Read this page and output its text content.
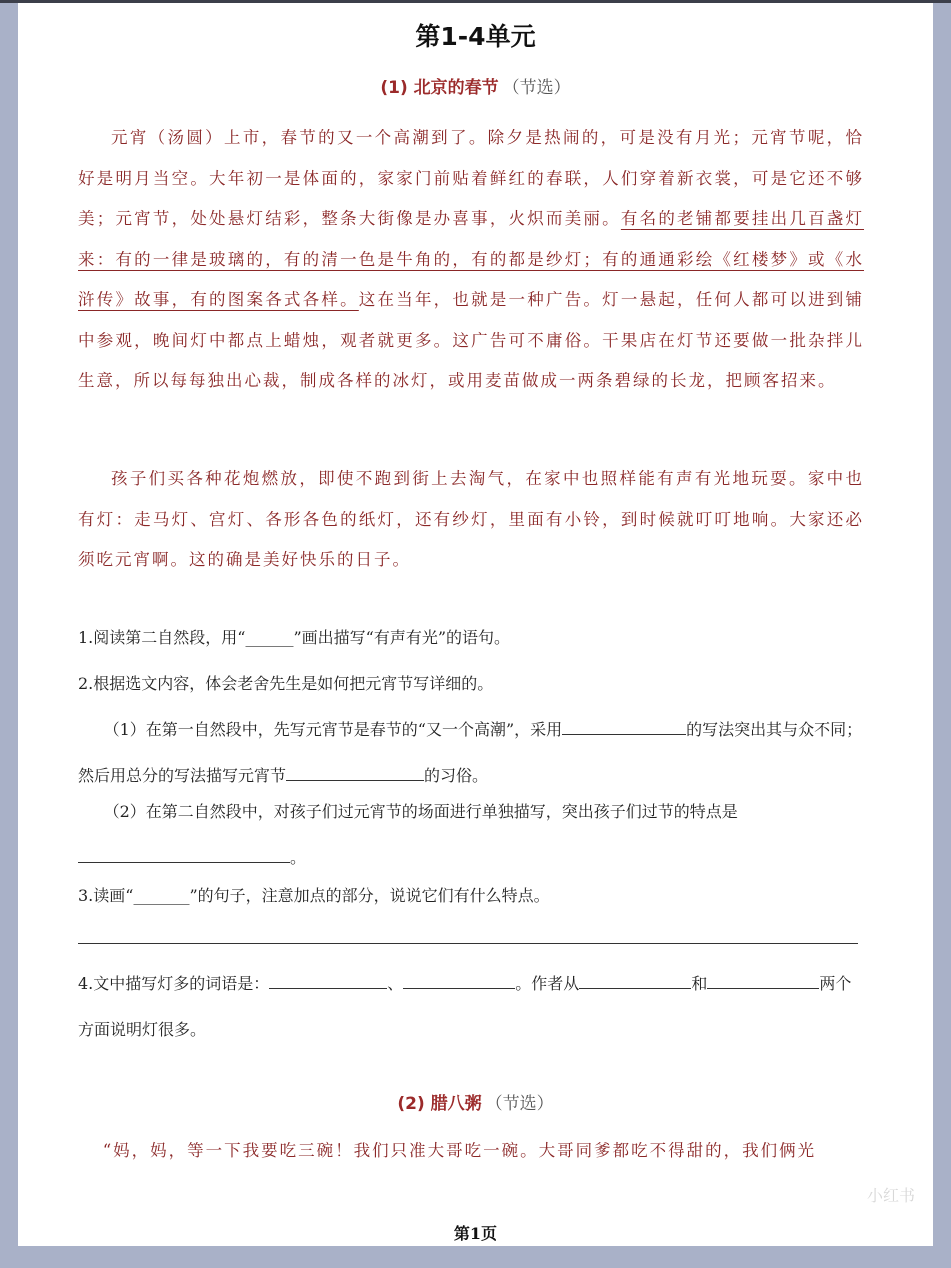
第1-4单元
(1) 北京的春节 （节选）

元宵（汤圆）上市，春节的又一个高潮到了。除夕是热闹的，可是没有月光；元宵节呢，恰好是明月当空。大年初一是体面的，家家门前贴着鲜红的春联，人们穿着新衣裳，可是它还不够美；元宵节，处处悬灯结彩，整条大街像是办喜事，火炽而美丽。有名的老铺都要挂出几百盏灯来：有的一律是玻璃的，有的清一色是牛角的，有的都是纱灯；有的通通彩绘《红楼梦》或《水浒传》故事，有的图案各式各样。这在当年，也就是一种广告。灯一悬起，任何人都可以进到铺中参观，晚间灯中都点上蜡烛，观者就更多。这广告可不庸俗。干果店在灯节还要做一批杂拌儿生意，所以每每独出心裁，制成各样的冰灯，或用麦苗做成一两条碧绿的长龙，把顾客招来。

孩子们买各种花炮燃放，即使不跑到街上去淘气，在家中也照样能有声有光地玩耍。家中也有灯：走马灯、宫灯、各形各色的纸灯，还有纱灯，里面有小铃，到时候就叮叮地响。大家还必须吃元宵啊。这的确是美好快乐的日子。

1.阅读第二自然段，用“______”画出描写“有声有光”的语句。

2.根据选文内容，体会老舍先生是如何把元宵节写详细的。

（1）在第一自然段中，先写元宵节是春节的“又一个高潮”，采用	的写法突出其与众不同；然后用总分的写法描写元宵节	的习俗。

（2）在第二自然段中，对孩子们过元宵节的场面进行单独描写，突出孩子们过节的特点是。

3.读画“_______”的句子，注意加点的部分，说说它们有什么特点。

4.文中描写灯多的词语是：	、	。作者从	和	两个方面说明灯很多。

(2) 腊八粥 （节选）

“妈，妈，等一下我要吃三碗！我们只准大哥吃一碗。大哥同爹都吃不得甜的，我们俩光

小红书
第1页
